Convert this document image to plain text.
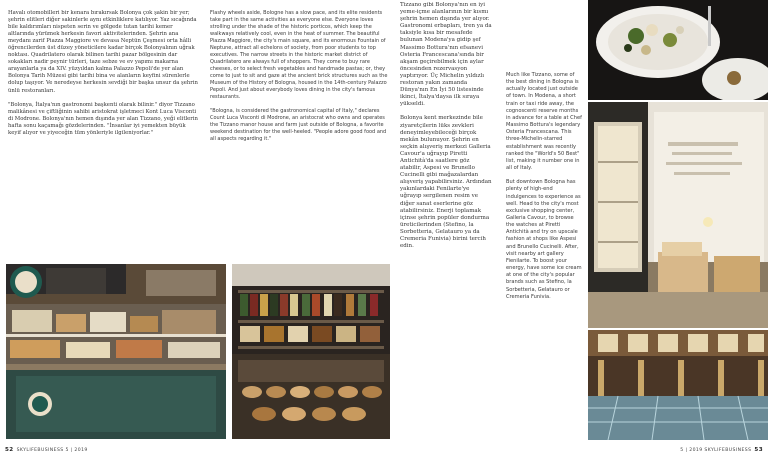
Havalı otomobilleri bir kenara bırakırsak Bolonya çok şakin bir yer; şehrin elitleri diğer sakinlerle aynı etkinliklere katılıyor. Yaz sıcağında bile kaldırımları nispeten serin ve gölgede tutan tarihi kemer altlarında yürümek herkesin favori aktivitelerinden. Şehrin ana meydanı zarif Piazza Maggiore ve devasa Neptün Çeşmesi orta hâlli öğrencilerden üst düzey yöneticilere kadar birçok Bolonyalının uğrak noktası. Quadrilatero olarak bilinen tarihi pazar bölgesinin dar sokakları nadir peynir türleri, taze sebze ve ev yapımı makarna arayanlarla ya da XIV. yüzyıldan kalma Palazzo Pepoli'de yer alan Bolonya Tarih Müzesi gibi tarihi bina ve alanların keyfini sürenlerle dolup taşıyor. Ve neredeyse herkesin sevdiği bir başka unsur da şehrin ünlü restoranları.

"Bolonya, İtalya'nın gastronomi başkenti olarak bilinir." diyor Tizzano malikânesi ve çiftliğinin sahibi aristokrat işletmeci Kont Luca Visconti di Modrone. Bolonya'nın hemen dışında yer alan Tizzano, yeği elitlerin hafta sonu kaçamağı gözdelerinden. "İnsanlar iyi yemekten büyük keyif alıyor ve yiyeceğin tüm yönleriyle ilgileniyorlar."

Flashy wheels aside, Bologne has a slow pace, and its elite residents take part in the same activities as everyone else. Everyone loves strolling under the shade of the historic porticos, which keep the walkways relatively cool, even in the heat of summer. The beautiful Piazza Maggiore, the city's main square, and its enormous Fountain of Neptune, attract all echelons of society, from poor students to top executives. The narrow streets in the historic market district of Quadrilatero are always full of shoppers. They come to buy rare cheeses, or to select fresh vegetables and handmade pastas; or, they come to just to sit and gaze at the ancient brick structures such as the Museum of the History of Bologna, housed in the 14th-century Palazzo Pepoli. And just about everybody loves dining in the city's famous restaurants.

"Bologna, is considered the gastronomical capital of Italy," declares Count Luca Visconti di Modrone, an aristocrat who owns and operates the Tizzano manor house and farm just outside of Bologna, a favorite weekend destination for the well-heeled. "People adore good food and all aspects regarding it."

Tizzano gibi Bolonya'nın en iyi yeme-içme alanlarının bir kısmı şehrin hemen dışında yer alıyor. Gastronomi erbapları, tren ya da taksiyle kısa bir mesafede bulunan Modena'ya gidip şef Massimo Bottura'nın efsanevi Osteria Francescana'sında bir akşam geçirebilmek için aylar öncesinden rezervasyon yaptırıyor. Üç Michelin yıldızlı restoran yakın zamanda Dünya'nın En İyi 50 listesinde ikinci, İtalya'daysa ilk sıraya yükseldi.

Bolonya kent merkezinde bile ziyaretçilerin lüks zevkleri deneyimleyebileceği birçok mekân bulunuyor. Şehrin en seçkin alışveriş merkezi Galleria Cavour'a uğrayıp Piretti Antichità'da saatlere göz atabilir, Aspesi ve Brunello Cucinelli gibi mağazalardan alışveriş yapabilirsiniz. Ardından yakınlardaki Fenilarte'ye uğrayıp sergilenen resim ve diğer sanat eserlerine göz atabilirsiniz. Enerji toplamak içinse şehrin popüler dondurma üreticilerinden (Stefino, la Sorbetteria, Gelatauro ya da Cremeria Funivia) birini tercih edin.

Much like Tizzano, some of the best dining in Bologna is actually located just outside of town. In Modena, a short train or taxi ride away, the cognoscenti reserve months in advance for a table at Chef Massimo Bottura's legendary Osteria Francescana. This three-Michelin-starred establishment was recently ranked the "World's 50 Best" list, making it number one in all of Italy.

But downtown Bologna has plenty of high-end indulgences to experience as well. Head to the city's most exclusive shopping center, Galleria Cavour, to browse the watches at Piretti Antichità and try on upscale fashion at shops like Aspesi and Brunello Cucinelli. After, visit nearby art gallery Fienilarte. To boost your energy, have some ice cream at one of the city's popular brands such as Stefino, la Sorbetteria, Gelatauro or Cremeria Funivia.

52 SKYLIFEBUSINESS 5 | 2019	5 | 2019 SKYLIFEBUSINESS 53
